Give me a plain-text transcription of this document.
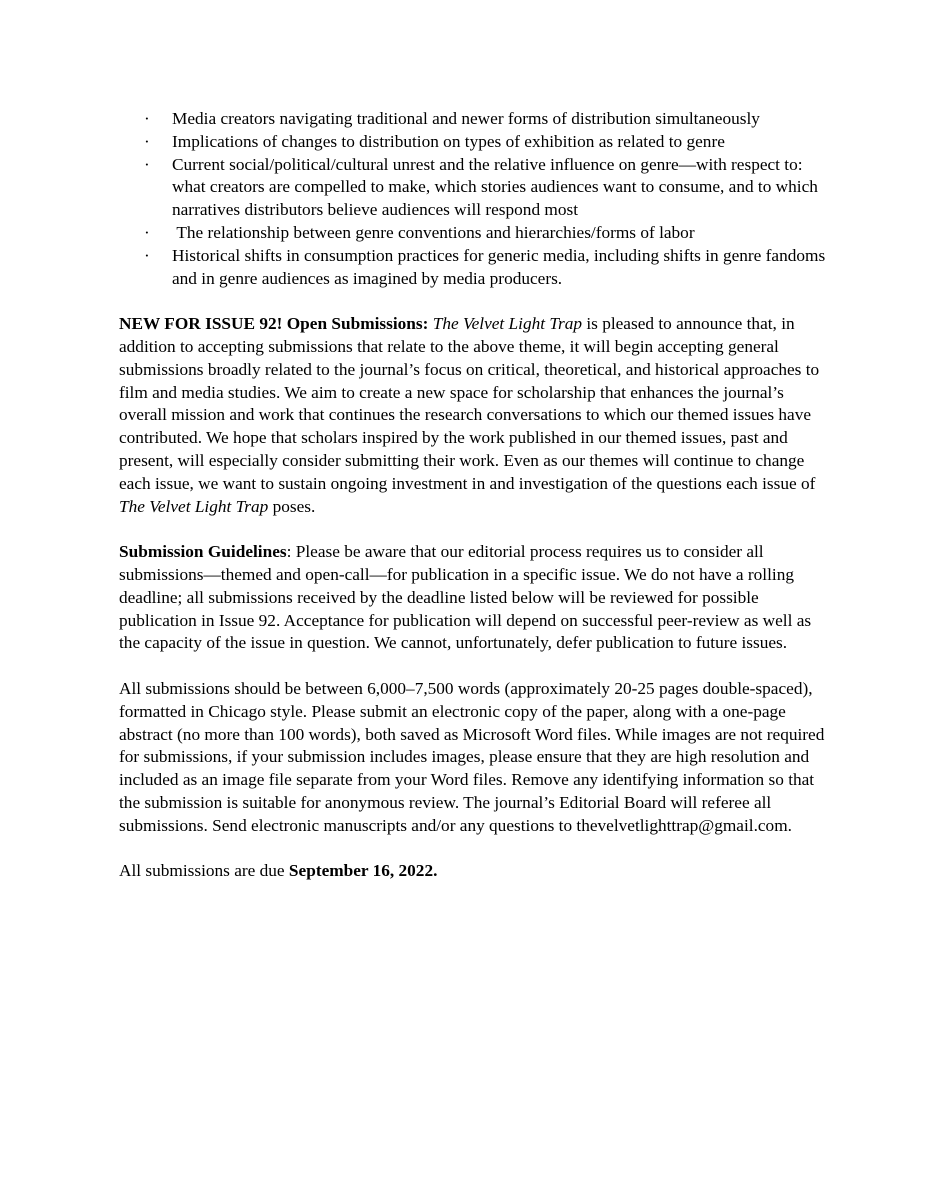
· Media creators navigating traditional and newer forms of distribution simultaneously
· Implications of changes to distribution on types of exhibition as related to genre
· Current social/political/cultural unrest and the relative influence on genre—with respect to: what creators are compelled to make, which stories audiences want to consume, and to which narratives distributors believe audiences will respond most
· The relationship between genre conventions and hierarchies/forms of labor
· Historical shifts in consumption practices for generic media, including shifts in genre fandoms and in genre audiences as imagined by media producers.

NEW FOR ISSUE 92! Open Submissions: The Velvet Light Trap is pleased to announce that, in addition to accepting submissions that relate to the above theme, it will begin accepting general submissions broadly related to the journal’s focus on critical, theoretical, and historical approaches to film and media studies. We aim to create a new space for scholarship that enhances the journal’s overall mission and work that continues the research conversations to which our themed issues have contributed. We hope that scholars inspired by the work published in our themed issues, past and present, will especially consider submitting their work. Even as our themes will continue to change each issue, we want to sustain ongoing investment in and investigation of the questions each issue of The Velvet Light Trap poses.

Submission Guidelines: Please be aware that our editorial process requires us to consider all submissions—themed and open-call—for publication in a specific issue. We do not have a rolling deadline; all submissions received by the deadline listed below will be reviewed for possible publication in Issue 92. Acceptance for publication will depend on successful peer-review as well as the capacity of the issue in question. We cannot, unfortunately, defer publication to future issues.

All submissions should be between 6,000–7,500 words (approximately 20-25 pages double-spaced), formatted in Chicago style. Please submit an electronic copy of the paper, along with a one-page abstract (no more than 100 words), both saved as Microsoft Word files. While images are not required for submissions, if your submission includes images, please ensure that they are high resolution and included as an image file separate from your Word files. Remove any identifying information so that the submission is suitable for anonymous review. The journal’s Editorial Board will referee all submissions. Send electronic manuscripts and/or any questions to thevelvetlighttrap@gmail.com.

All submissions are due September 16, 2022.
